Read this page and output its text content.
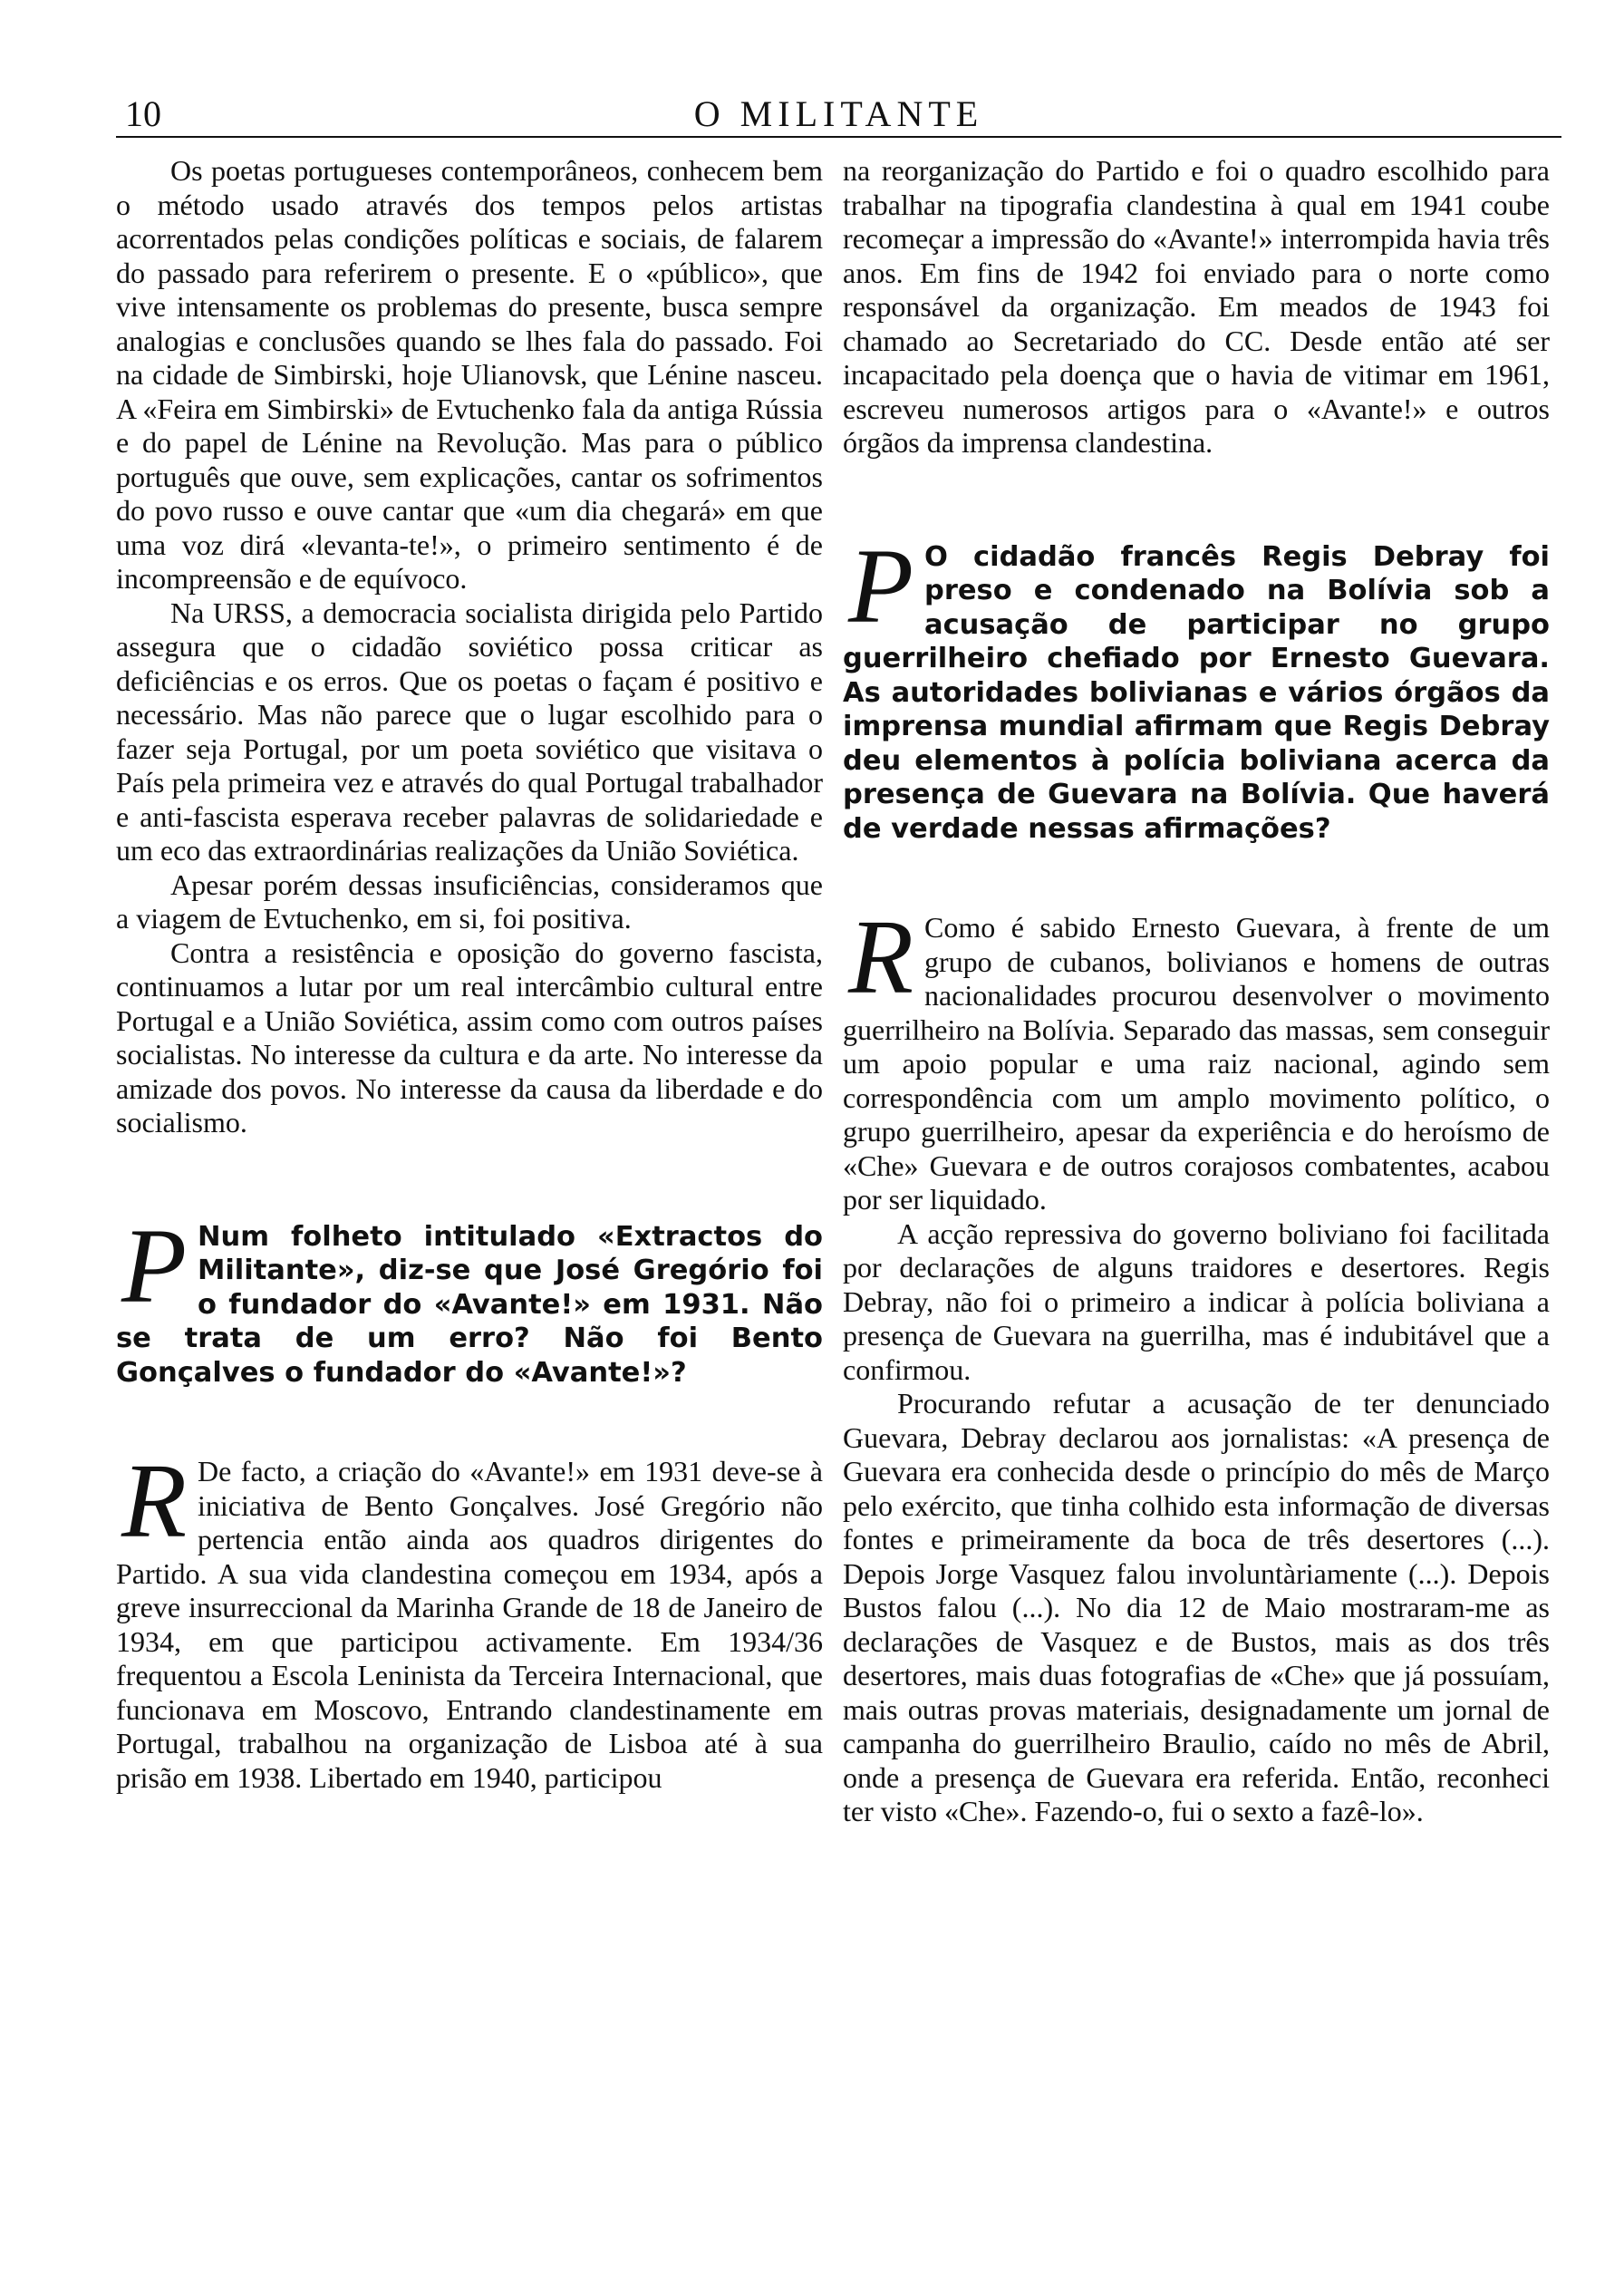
10	O MILITANTE

Os poetas portugueses contemporâneos, conhecem bem o método usado através dos tempos pelos artistas acorrentados pelas condições políticas e sociais, de falarem do passado para referirem o presente. E o «público», que vive intensamente os problemas do presente, busca sempre analogias e conclusões quando se lhes fala do passado. Foi na cidade de Simbirski, hoje Ulianovsk, que Lénine nasceu. A «Feira em Simbirski» de Evtuchenko fala da antiga Rússia e do papel de Lénine na Revolução. Mas para o público português que ouve, sem explicações, cantar os sofrimentos do povo russo e ouve cantar que «um dia chegará» em que uma voz dirá «levanta-te!», o primeiro sentimento é de incompreensão e de equívoco.

Na URSS, a democracia socialista dirigida pelo Partido assegura que o cidadão soviético possa criticar as deficiências e os erros. Que os poetas o façam é positivo e necessário. Mas não parece que o lugar escolhido para o fazer seja Portugal, por um poeta soviético que visitava o País pela primeira vez e através do qual Portugal trabalhador e anti-fascista esperava receber palavras de solidariedade e um eco das extraordinárias realizações da União Soviética.

Apesar porém dessas insuficiências, consideramos que a viagem de Evtuchenko, em si, foi positiva.

Contra a resistência e oposição do governo fascista, continuamos a lutar por um real intercâmbio cultural entre Portugal e a União Soviética, assim como com outros países socialistas. No interesse da cultura e da arte. No interesse da amizade dos povos. No interesse da causa da liberdade e do socialismo.

P Num folheto intitulado «Extractos do Militante», diz-se que José Gregório foi o fundador do «Avante!» em 1931. Não se trata de um erro? Não foi Bento Gonçalves o fundador do «Avante!»?
R De facto, a criação do «Avante!» em 1931 deve-se à iniciativa de Bento Gonçalves. José Gregório não pertencia então ainda aos quadros dirigentes do Partido. A sua vida clandestina começou em 1934, após a greve insurreccional da Marinha Grande de 18 de Janeiro de 1934, em que participou activamente. Em 1934/36 frequentou a Escola Leninista da Terceira Internacional, que funcionava em Moscovo, Entrando clandestinamente em Portugal, trabalhou na organização de Lisboa até à sua prisão em 1938. Libertado em 1940, participou

na reorganização do Partido e foi o quadro escolhido para trabalhar na tipografia clandestina à qual em 1941 coube recomeçar a impressão do «Avante!» interrompida havia três anos. Em fins de 1942 foi enviado para o norte como responsável da organização. Em meados de 1943 foi chamado ao Secretariado do CC. Desde então até ser incapacitado pela doença que o havia de vitimar em 1961, escreveu numerosos artigos para o «Avante!» e outros órgãos da imprensa clandestina.

P O cidadão francês Regis Debray foi preso e condenado na Bolívia sob a acusação de participar no grupo guerrilheiro chefiado por Ernesto Guevara. As autoridades bolivianas e vários órgãos da imprensa mundial afirmam que Regis Debray deu elementos à polícia boliviana acerca da presença de Guevara na Bolívia. Que haverá de verdade nessas afirmações?
R Como é sabido Ernesto Guevara, à frente de um grupo de cubanos, bolivianos e homens de outras nacionalidades procurou desenvolver o movimento guerrilheiro na Bolívia. Separado das massas, sem conseguir um apoio popular e uma raiz nacional, agindo sem correspondência com um amplo movimento político, o grupo guerrilheiro, apesar da experiência e do heroísmo de «Che» Guevara e de outros corajosos combatentes, acabou por ser liquidado.

A acção repressiva do governo boliviano foi facilitada por declarações de alguns traidores e desertores. Regis Debray, não foi o primeiro a indicar à polícia boliviana a presença de Guevara na guerrilha, mas é indubitável que a confirmou.

Procurando refutar a acusação de ter denunciado Guevara, Debray declarou aos jornalistas: «A presença de Guevara era conhecida desde o princípio do mês de Março pelo exército, que tinha colhido esta informação de diversas fontes e primeiramente da boca de três desertores (...). Depois Jorge Vasquez falou involuntàriamente (...). Depois Bustos falou (...). No dia 12 de Maio mostraram-me as declarações de Vasquez e de Bustos, mais as dos três desertores, mais duas fotografias de «Che» que já possuíam, mais outras provas materiais, designadamente um jornal de campanha do guerrilheiro Braulio, caído no mês de Abril, onde a presença de Guevara era referida. Então, reconheci ter visto «Che». Fazendo-o, fui o sexto a fazê-lo».
